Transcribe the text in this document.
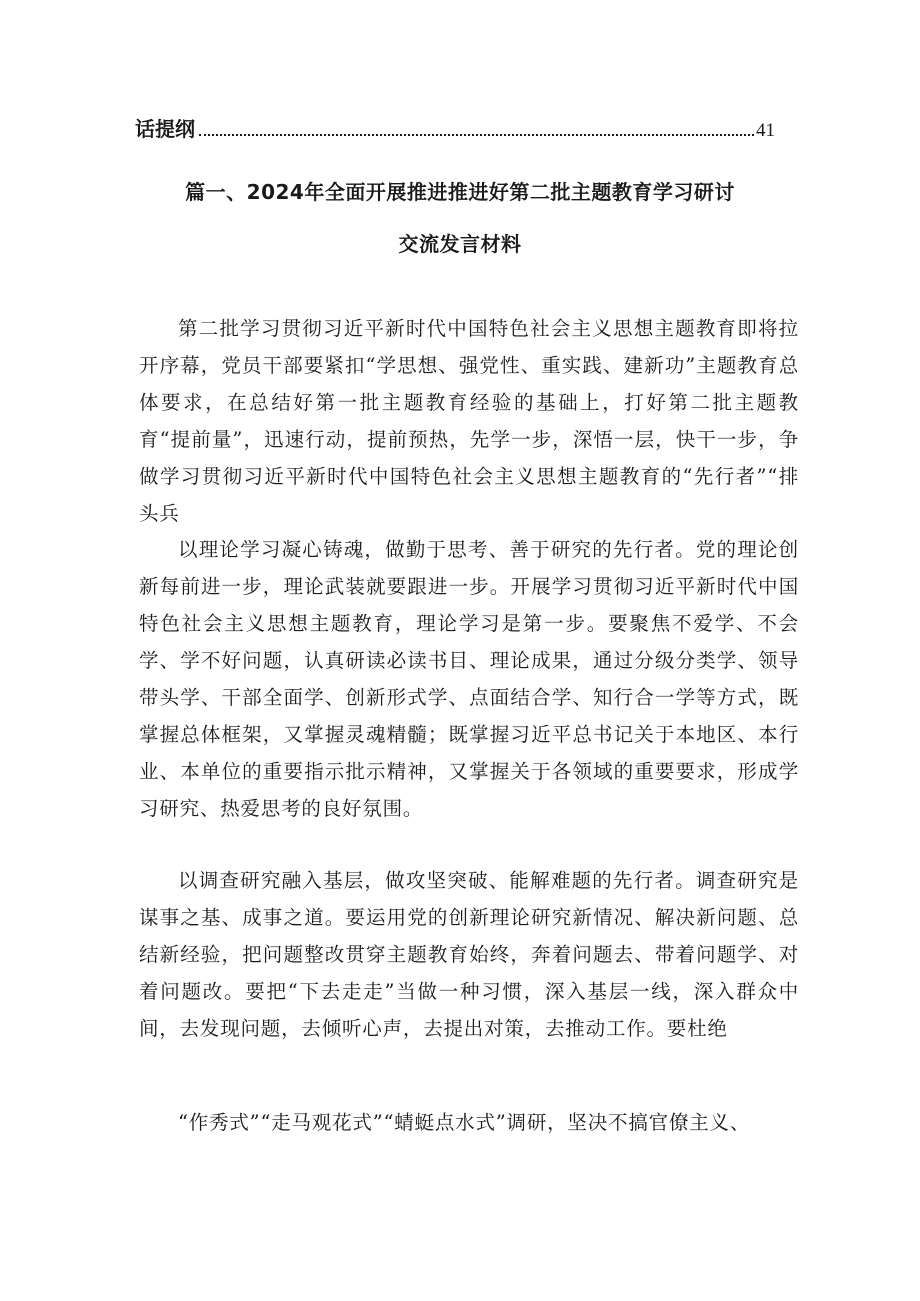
话提纲	41
篇一、2024年全面开展推进推进好第二批主题教育学习研讨
交流发言材料

第二批学习贯彻习近平新时代中国特色社会主义思想主题教育即将拉开序幕，党员干部要紧扣“学思想、强党性、重实践、建新功”主题教育总体要求，在总结好第一批主题教育经验的基础上，打好第二批主题教育“提前量”，迅速行动，提前预热，先学一步，深悟一层，快干一步，争做学习贯彻习近平新时代中国特色社会主义思想主题教育的“先行者”“排头兵

以理论学习凝心铸魂，做勤于思考、善于研究的先行者。党的理论创新每前进一步，理论武装就要跟进一步。开展学习贯彻习近平新时代中国特色社会主义思想主题教育，理论学习是第一步。要聚焦不爱学、不会学、学不好问题，认真研读必读书目、理论成果，通过分级分类学、领导带头学、干部全面学、创新形式学、点面结合学、知行合一学等方式，既掌握总体框架，又掌握灵魂精髓；既掌握习近平总书记关于本地区、本行业、本单位的重要指示批示精神，又掌握关于各领域的重要要求，形成学习研究、热爱思考的良好氛围。

以调查研究融入基层，做攻坚突破、能解难题的先行者。调查研究是谋事之基、成事之道。要运用党的创新理论研究新情况、解决新问题、总结新经验，把问题整改贯穿主题教育始终，奔着问题去、带着问题学、对着问题改。要把“下去走走”当做一种习惯，深入基层一线，深入群众中间，去发现问题，去倾听心声，去提出对策，去推动工作。要杜绝

“作秀式”“走马观花式”“蜻蜓点水式”调研，坚决不搞官僚主义、
